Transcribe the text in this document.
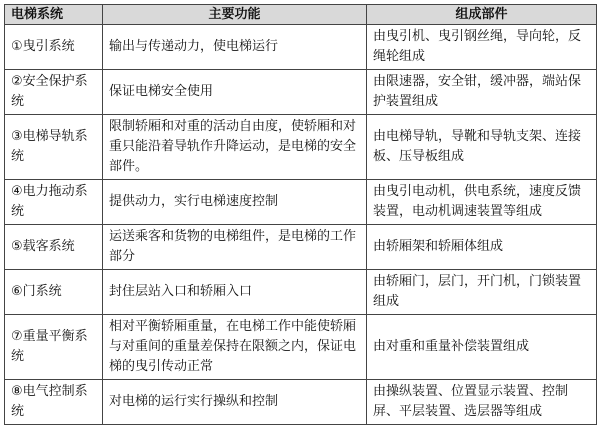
电梯系统	主要功能	组成部件
①曳引系统	输出与传递动力，使电梯运行	由曳引机、曳引钢丝绳，导向轮，反绳轮组成
②安全保护系统	保证电梯安全使用	由限速器，安全钳，缓冲器，端站保护装置组成
③电梯导轨系统	限制轿厢和对重的活动自由度，使轿厢和对重只能沿着导轨作升降运动，是电梯的安全部件。	由电梯导轨，导靴和导轨支架、连接板、压导板组成
④电力拖动系统	提供动力，实行电梯速度控制	由曳引电动机，供电系统，速度反馈装置，电动机调速装置等组成
⑤载客系统	运送乘客和货物的电梯组件，是电梯的工作部分	由轿厢架和轿厢体组成
⑥门系统	封住层站入口和轿厢入口	由轿厢门，层门，开门机，门锁装置组成
⑦重量平衡系统	相对平衡轿厢重量，在电梯工作中能使轿厢与对重间的重量差保持在限额之内，保证电梯的曳引传动正常	由对重和重量补偿装置组成
⑧电气控制系统	对电梯的运行实行操纵和控制	由操纵装置、位置显示装置、控制屏、平层装置、选层器等组成
